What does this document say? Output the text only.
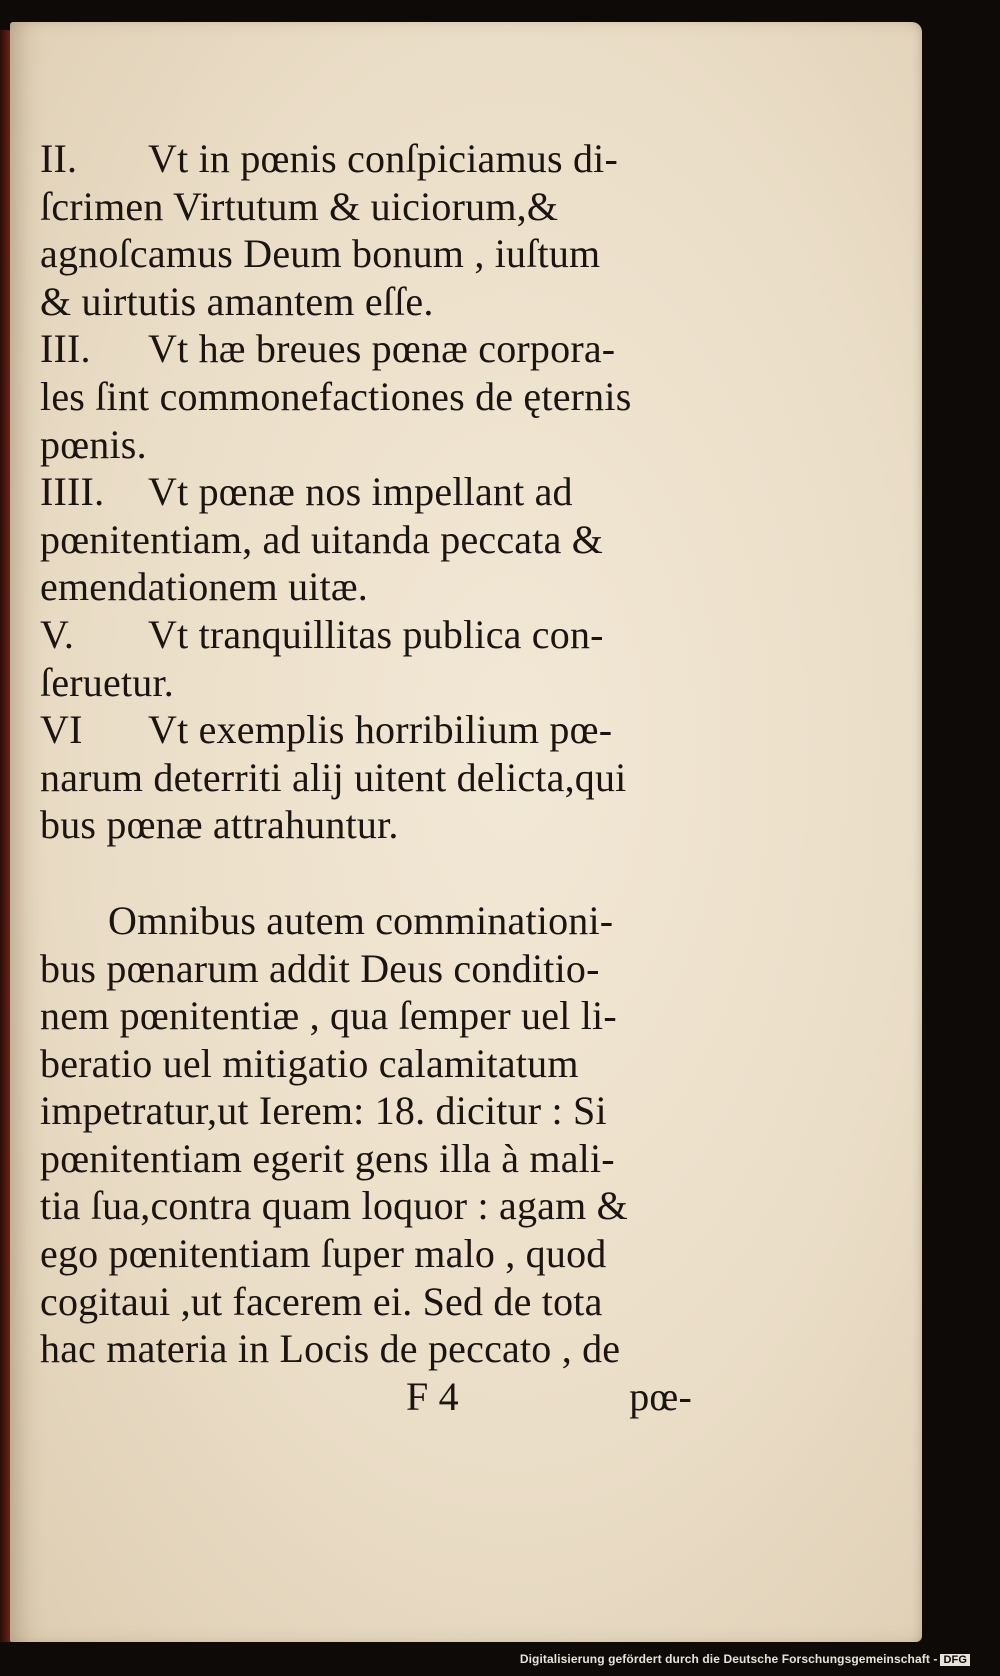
II. Vt in pœnis conſpiciamus di-
ſcrimen Virtutum & uiciorum,&
agnoſcamus Deum bonum , iuſtum
& uirtutis amantem eſſe.
III. Vt hæ breues pœnæ corpora-
les ſint commonefactiones de ęternis
pœnis.
IIII. Vt pœnæ nos impellant ad
pœnitentiam, ad uitanda peccata &
emendationem uitæ.
V. Vt tranquillitas publica con-
ſeruetur.
VI Vt exemplis horribilium pœ-
narum deterriti alij uitent delicta,qui
bus pœnæ attrahuntur.
Omnibus autem comminationi-
bus pœnarum addit Deus conditio-
nem pœnitentiæ , qua ſemper uel li-
beratio uel mitigatio calamitatum
impetratur,ut Ierem: 18. dicitur : Si
pœnitentiam egerit gens illa à mali-
tia ſua,contra quam loquor : agam &
ego pœnitentiam ſuper malo , quod
cogitaui ,ut facerem ei. Sed de tota
hac materia in Locis de peccato , de
F 4	pœ-
Digitalisierung gefördert durch die Deutsche Forschungsgemeinschaft - DFG
